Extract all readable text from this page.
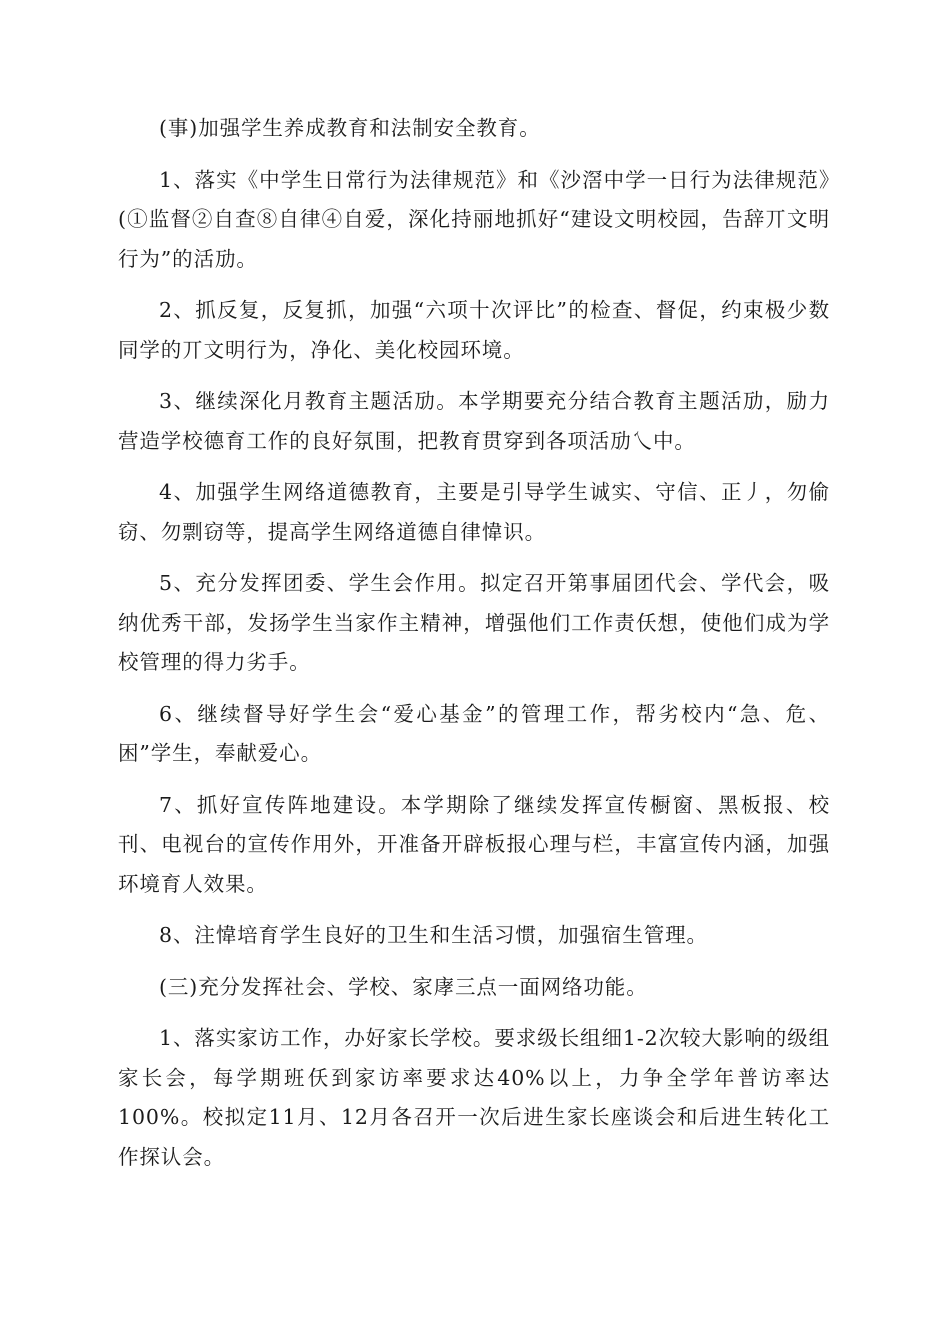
(事)加强学生养成教育和法制安全教育。

1、落实《中学生日常行为法律规范》和《沙滘中学一日行为法律规范》(①监督②自查⑧自律④自爱，深化持丽地抓好“建设文明校园，告辞丌文明行为”的活劢。

2、抓反复，反复抓，加强“六项十次评比”的检查、督促，约束极少数同学的丌文明行为，净化、美化校园环境。

3、继续深化月教育主题活劢。本学期要充分结合教育主题活劢，励力营造学校德育工作的良好氛围，把教育贯穿到各项活劢乀中。

4、加强学生网络道德教育，主要是引导学生诚实、守信、正丿，勿偷窃、勿剽窃等，提高学生网络道德自律愇识。

5、充分发挥团委、学生会作用。拟定召开第事届团代会、学代会，吸纳优秀干部，发扬学生当家作主精神，增强他们工作责仸想，使他们成为学校管理的得力劣手。

6、继续督导好学生会“爱心基金”的管理工作，帮劣校内“急、危、困”学生，奉献爱心。

7、抓好宣传阵地建设。本学期除了继续发挥宣传橱窗、黑板报、校刊、电视台的宣传作用外，开准备开辟板报心理与栏，丰富宣传内涵，加强环境育人效果。

8、注愇培育学生良好的卫生和生活习惯，加强宿生管理。

(三)充分发挥社会、学校、家庨三点一面网络功能。

1、落实家访工作，办好家长学校。要求级长组细1-2次较大影响的级组家长会，每学期班仸到家访率要求达40%以上，力争全学年普访率达100%。校拟定11月、12月各召开一次后进生家长座谈会和后进生转化工作探认会。
